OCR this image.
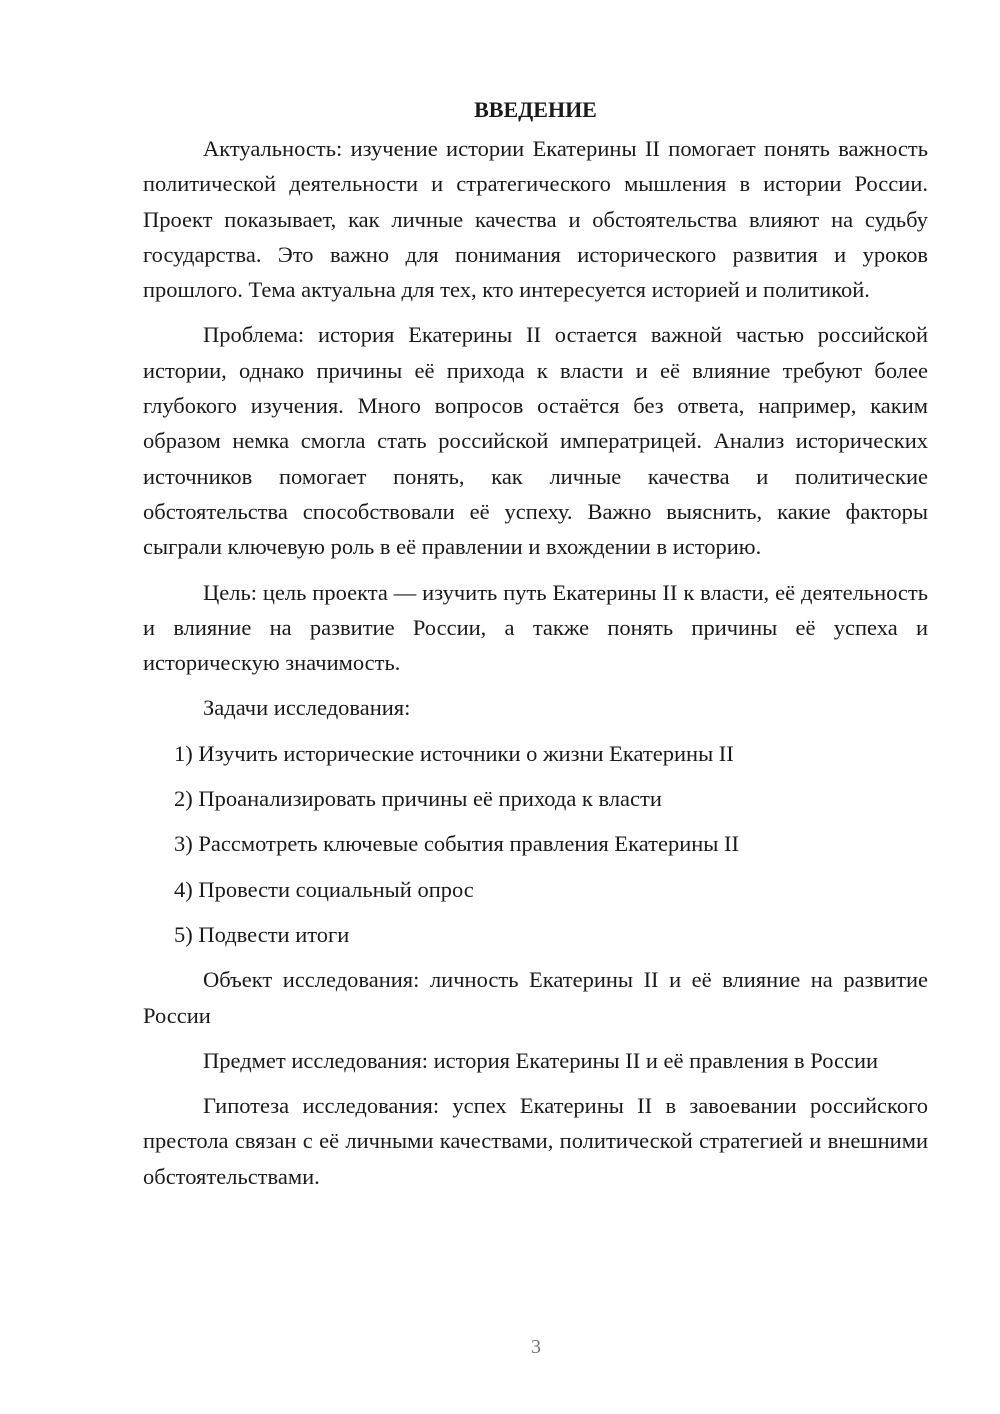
ВВЕДЕНИЕ

Актуальность: изучение истории Екатерины II помогает понять важность политической деятельности и стратегического мышления в истории России. Проект показывает, как личные качества и обстоятельства влияют на судьбу государства. Это важно для понимания исторического развития и уроков прошлого. Тема актуальна для тех, кто интересуется историей и политикой.

Проблема: история Екатерины II остается важной частью российской истории, однако причины её прихода к власти и её влияние требуют более глубокого изучения. Много вопросов остаётся без ответа, например, каким образом немка смогла стать российской императрицей. Анализ исторических источников помогает понять, как личные качества и политические обстоятельства способствовали её успеху. Важно выяснить, какие факторы сыграли ключевую роль в её правлении и вхождении в историю.

Цель: цель проекта — изучить путь Екатерины II к власти, её деятельность и влияние на развитие России, а также понять причины её успеха и историческую значимость.

Задачи исследования:

1) Изучить исторические источники о жизни Екатерины II
2) Проанализировать причины её прихода к власти
3) Рассмотреть ключевые события правления Екатерины II
4) Провести социальный опрос
5) Подвести итоги

Объект исследования: личность Екатерины II и её влияние на развитие России

Предмет исследования: история Екатерины II и её правления в России

Гипотеза исследования: успех Екатерины II в завоевании российского престола связан с её личными качествами, политической стратегией и внешними обстоятельствами.

3
